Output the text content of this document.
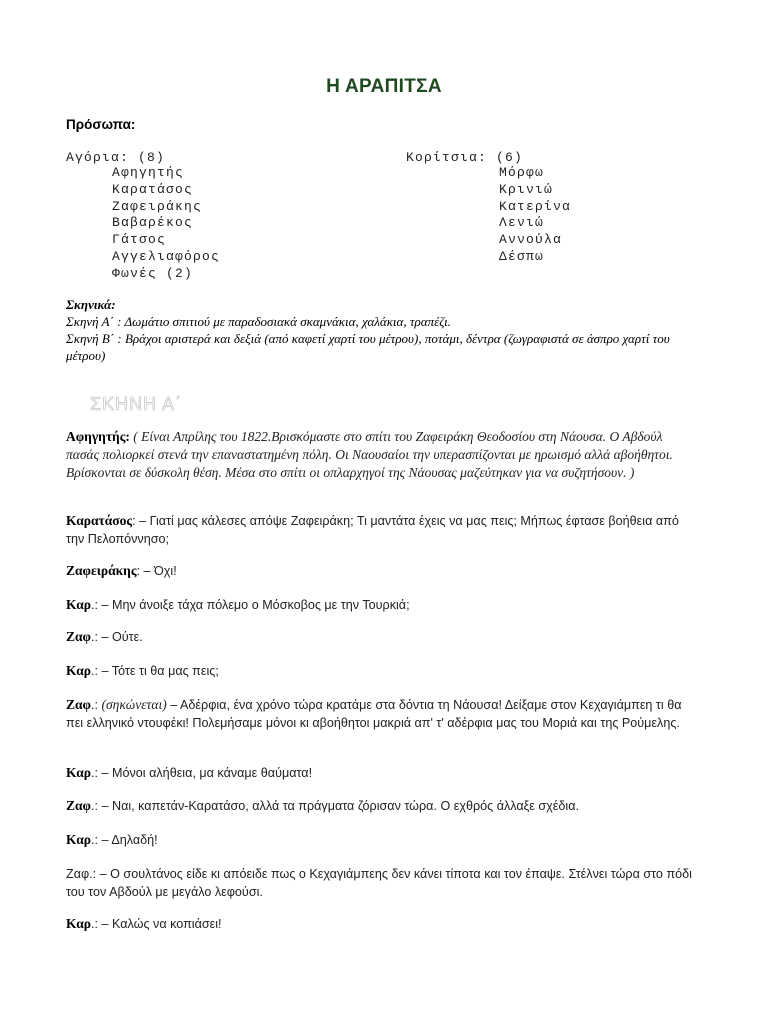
Η ΑΡΑΠΙΤΣΑ
Πρόσωπα:
Αγόρια: (8)
Αφηγητής
Καρατάσος
Ζαφειράκης
Βαβαρέκος
Γάτσος
Αγγελιαφόρος
Φωνές (2)
Κορίτσια: (6)
Μόρφω
Κρινιώ
Κατερίνα
Λενιώ
Αννούλα
Δέσπω
Σκηνικά:
Σκηνή Α΄ : Δωμάτιο σπιτιού με παραδοσιακά σκαμνάκια, χαλάκια, τραπέζι.
Σκηνή Β΄ : Βράχοι αριστερά και δεξιά (από καφετί χαρτί του μέτρου), ποτάμι, δέντρα (ζωγραφιστά σε άσπρο χαρτί του μέτρου)
ΣΚΗΝΗ Α΄
Αφηγητής: ( Είναι Απρίλης του 1822.Βρισκόμαστε στο σπίτι του Ζαφειράκη Θεοδοσίου στη Νάουσα. Ο Αβδούλ πασάς πολιορκεί στενά την επαναστατημένη πόλη. Οι Ναουσαίοι την υπερασπίζονται με ηρωισμό αλλά αβοήθητοι. Βρίσκονται σε δύσκολη θέση. Μέσα στο σπίτι οι οπλαρχηγοί της Νάουσας μαζεύτηκαν για να συζητήσουν. )
Καρατάσος: – Γιατί μας κάλεσες απόψε Ζαφειράκη; Τι μαντάτα έχεις να μας πεις; Μήπως έφτασε βοήθεια από την Πελοπόννησο;
Ζαφειράκης: – Όχι!
Καρ.: – Μην άνοιξε τάχα πόλεμο ο Μόσκοβος με την Τουρκιά;
Ζαφ.: – Ούτε.
Καρ.: – Τότε τι θα μας πεις;
Ζαφ.: (σηκώνεται) – Αδέρφια, ένα χρόνο τώρα κρατάμε στα δόντια τη Νάουσα! Δείξαμε στον Κεχαγιάμπεη τι θα πει ελληνικό ντουφέκι! Πολεμήσαμε μόνοι κι αβοήθητοι μακριά απ' τ' αδέρφια μας του Μοριά και της Ρούμελης.
Καρ.: – Μόνοι αλήθεια, μα κάναμε θαύματα!
Ζαφ.: – Ναι, καπετάν-Καρατάσο, αλλά τα πράγματα ζόρισαν τώρα. Ο εχθρός άλλαξε σχέδια.
Καρ.: – Δηλαδή!
Ζαφ.: – Ο σουλτάνος είδε κι απόειδε πως ο Κεχαγιάμπεης δεν κάνει τίποτα και τον έπαψε. Στέλνει τώρα στο πόδι του τον Αβδούλ με μεγάλο λεφούσι.
Καρ.: – Καλώς να κοπιάσει!
